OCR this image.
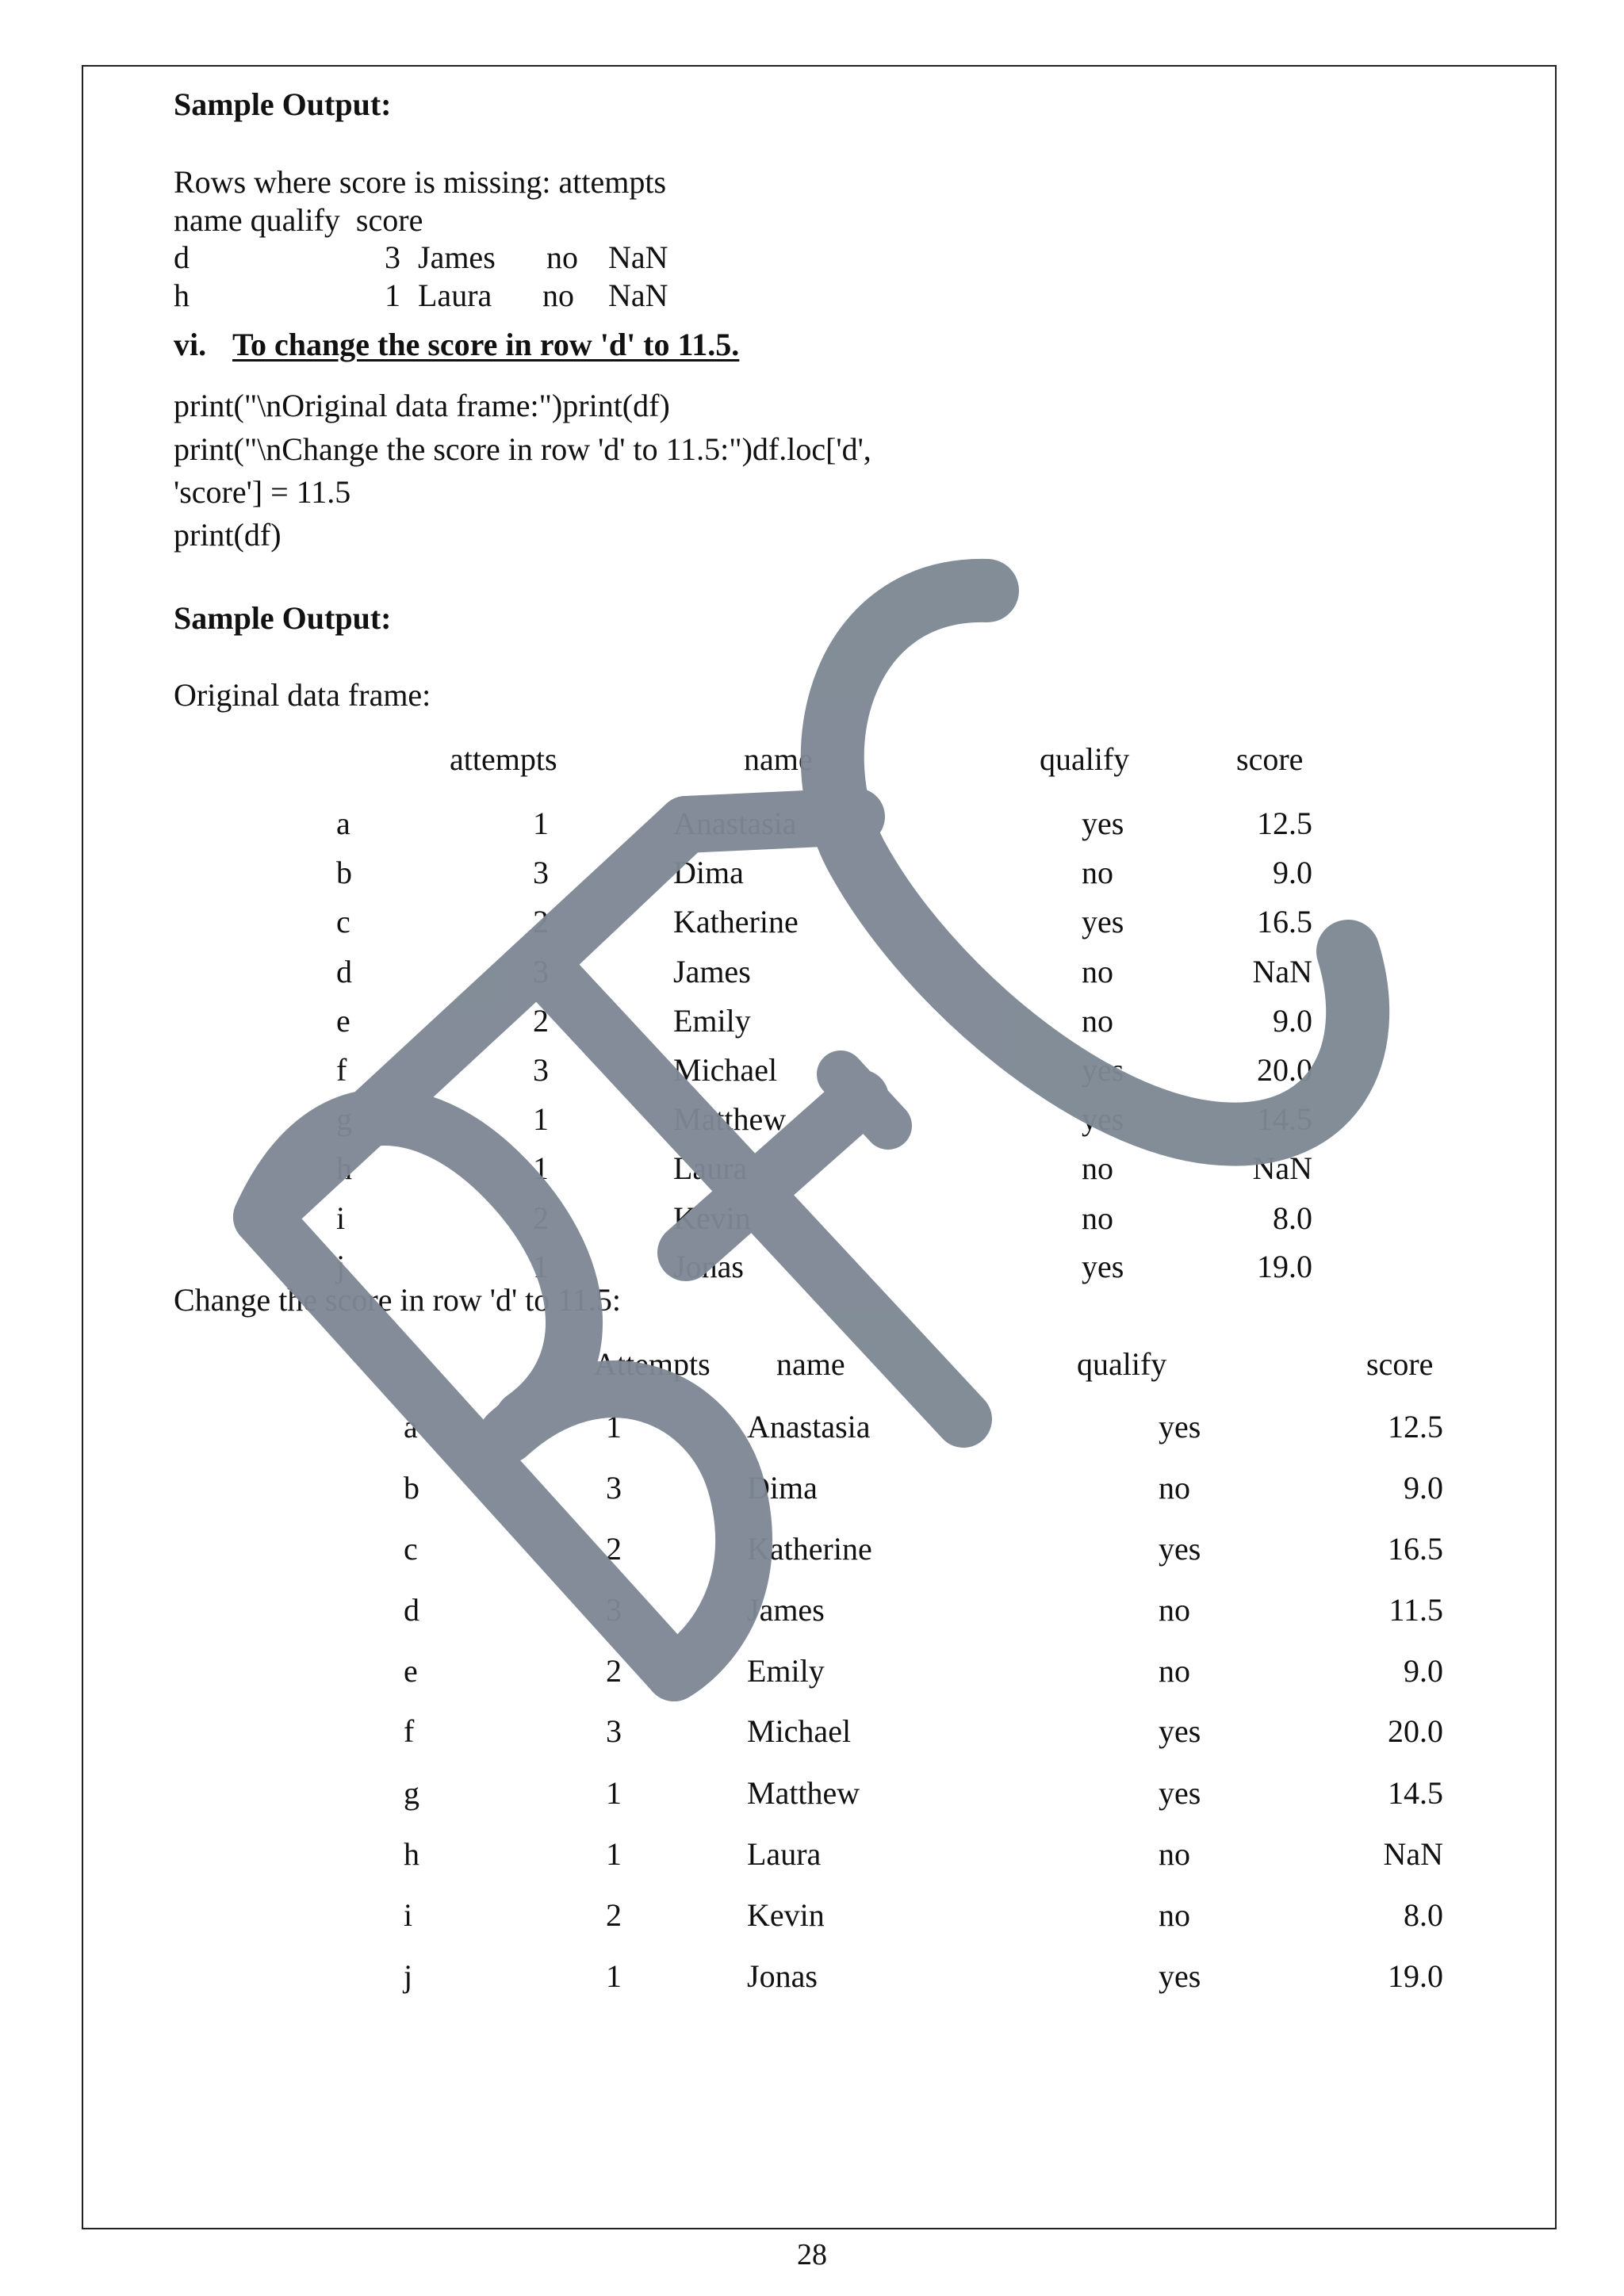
Sample Output:
Rows where score is missing: attempts
name qualify  score
d	3 James no NaN
h	1 Laura no NaN
vi. To change the score in row 'd' to 11.5.
print("\nOriginal data frame:")print(df)
print("\nChange the score in row 'd' to 11.5:")df.loc['d',
'score'] = 11.5
print(df)
Sample Output:
Original data frame:
attempts	name	qualify	score
a	1	Anastasia	yes	12.5
b	3	Dima	no	9.0
c	2	Katherine	yes	16.5
d	3	James	no	NaN
e	2	Emily	no	9.0
f	3	Michael	yes	20.0
g	1	Matthew	yes	14.5
h	1	Laura	no	NaN
i	2	Kevin	no	8.0
j	1	Jonas	yes	19.0
Change the score in row 'd' to 11.5:
Attempts name	qualify	score
a	1	Anastasia	yes	12.5
b	3	Dima	no	9.0
c	2	Katherine	yes	16.5
d	3	James	no	11.5
e	2	Emily	no	9.0
f	3	Michael	yes	20.0
g	1	Matthew	yes	14.5
h	1	Laura	no	NaN
i	2	Kevin	no	8.0
j	1	Jonas	yes	19.0
28
